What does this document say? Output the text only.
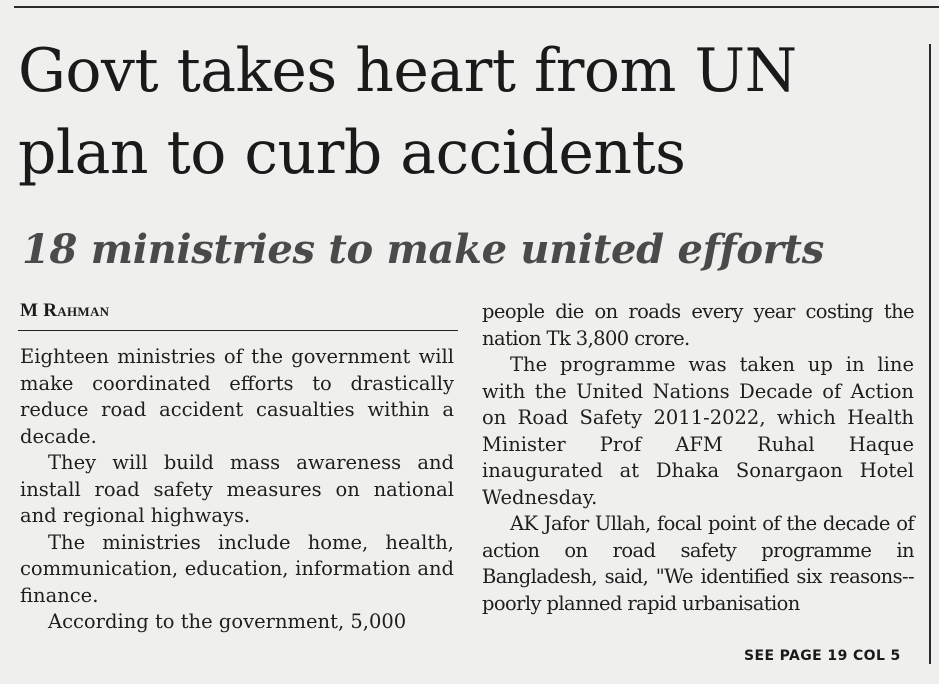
Govt takes heart from UN
plan to curb accidents
18 ministries to make united efforts
M Rahman

Eighteen ministries of the government will make coordinated efforts to drastically reduce road accident casualties within a decade.

They will build mass awareness and install road safety measures on national and regional highways.

The ministries include home, health, communication, education, information and finance.

According to the government, 5,000

people die on roads every year costing the nation Tk 3,800 crore.

The programme was taken up in line with the United Nations Decade of Action on Road Safety 2011-2022, which Health Minister Prof AFM Ruhal Haque inaugurated at Dhaka Sonargaon Hotel Wednesday.

AK Jafor Ullah, focal point of the decade of action on road safety programme in Bangladesh, said, "We identified six reasons--poorly planned rapid urbanisation

SEE PAGE 19 COL 5
